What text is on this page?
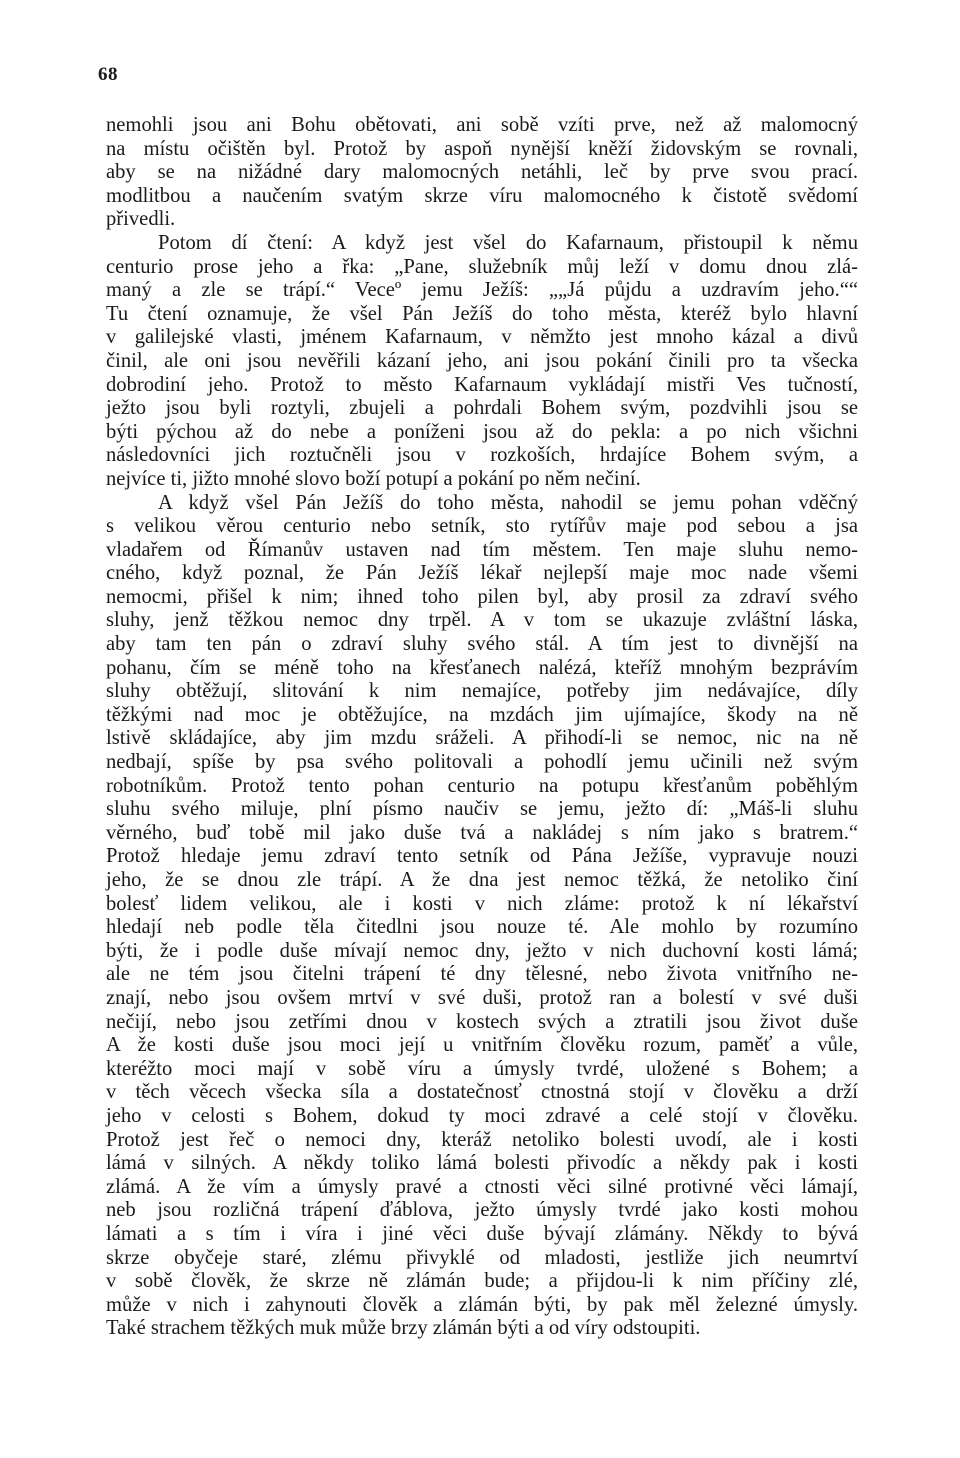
68
nemohli jsou ani Bohu obětovati, ani sobě vzíti prve, než až malomocný
na místu očištěn byl. Protož by aspoň nynější kněží židovským se rovnali,
aby se na nižádné dary malomocných netáhli, leč by prve svou prací.
modlitbou a naučením svatým skrze víru malomocného k čistotě svědomí
přivedli.
Potom dí čtení: A když jest všel do Kafarnaum, přistoupil k němu
centurio prose jeho a řka: „Pane, služebník můj leží v domu dnou zlá-
maný a zle se trápí.“ Veceº jemu Ježíš: „„Já půjdu a uzdravím jeho.““
Tu čtení oznamuje, že všel Pán Ježíš do toho města, kteréž bylo hlavní
v galilejské vlasti, jménem Kafarnaum, v němžto jest mnoho kázal a divů
činil, ale oni jsou nevěřili kázaní jeho, ani jsou pokání činili pro ta všecka
dobrodiní jeho. Protož to město Kafarnaum vykládají mistři Ves tučností,
ježto jsou byli roztyli, zbujeli a pohrdali Bohem svým, pozdvihli jsou se
býti pýchou až do nebe a poníženi jsou až do pekla: a po nich všichni
následovníci jich roztučněli jsou v rozkoších, hrdajíce Bohem svým, a
nejvíce ti, jižto mnohé slovo boží potupí a pokání po něm nečiní.
A když všel Pán Ježíš do toho města, nahodil se jemu pohan vděčný
s velikou věrou centurio nebo setník, sto rytířův maje pod sebou a jsa
vladařem od Římanův ustaven nad tím městem. Ten maje sluhu nemo-
cného, když poznal, že Pán Ježíš lékař nejlepší maje moc nade všemi
nemocmi, přišel k nim; ihned toho pilen byl, aby prosil za zdraví svého
sluhy, jenž těžkou nemoc dny trpěl. A v tom se ukazuje zvláštní láska,
aby tam ten pán o zdraví sluhy svého stál. A tím jest to divnější na
pohanu, čím se méně toho na křesťanech nalézá, kteříž mnohým bezprávím
sluhy obtěžují, slitování k nim nemajíce, potřeby jim nedávajíce, díly
těžkými nad moc je obtěžujíce, na mzdách jim ujímajíce, škody na ně
lstivě skládajíce, aby jim mzdu sráželi. A přihodí-li se nemoc, nic na ně
nedbají, spíše by psa svého politovali a pohodlí jemu učinili než svým
robotníkům. Protož tento pohan centurio na potupu křesťanům poběhlým
sluhu svého miluje, plní písmo naučiv se jemu, ježto dí: „Máš-li sluhu
věrného, buď tobě mil jako duše tvá a nakládej s ním jako s bratrem.“
Protož hledaje jemu zdraví tento setník od Pána Ježíše, vypravuje nouzi
jeho, že se dnou zle trápí. A že dna jest nemoc těžká, že netoliko činí
bolesť lidem velikou, ale i kosti v nich zláme: protož k ní lékařství
hledají neb podle těla čitedlni jsou nouze té. Ale mohlo by rozumíno
býti, že i podle duše mívají nemoc dny, ježto v nich duchovní kosti lámá;
ale ne tém jsou čitelni trápení té dny tělesné, nebo života vnitřního ne-
znají, nebo jsou ovšem mrtví v své duši, protož ran a bolestí v své duši
nečijí, nebo jsou zetřími dnou v kostech svých a ztratili jsou život duše
A že kosti duše jsou moci její u vnitřním člověku rozum, paměť a vůle,
kteréžto moci mají v sobě víru a úmysly tvrdé, uložené s Bohem; a
v těch věcech všecka síla a dostatečnosť ctnostná stojí v člověku a drží
jeho v celosti s Bohem, dokud ty moci zdravé a celé stojí v člověku.
Protož jest řeč o nemoci dny, kteráž netoliko bolesti uvodí, ale i kosti
lámá v silných. A někdy toliko lámá bolesti přivodíc a někdy pak i kosti
zlámá. A že vím a úmysly pravé a ctnosti věci silné protivné věci lámají,
neb jsou rozličná trápení ďáblova, ježto úmysly tvrdé jako kosti mohou
lámati a s tím i víra i jiné věci duše bývají zlámány. Někdy to bývá
skrze obyčeje staré, zlému přivyklé od mladosti, jestliže jich neumrtví
v sobě člověk, že skrze ně zlámán bude; a přijdou-li k nim příčiny zlé,
může v nich i zahynouti člověk a zlámán býti, by pak měl železné úmysly.
Také strachem těžkých muk může brzy zlámán býti a od víry odstoupiti.
